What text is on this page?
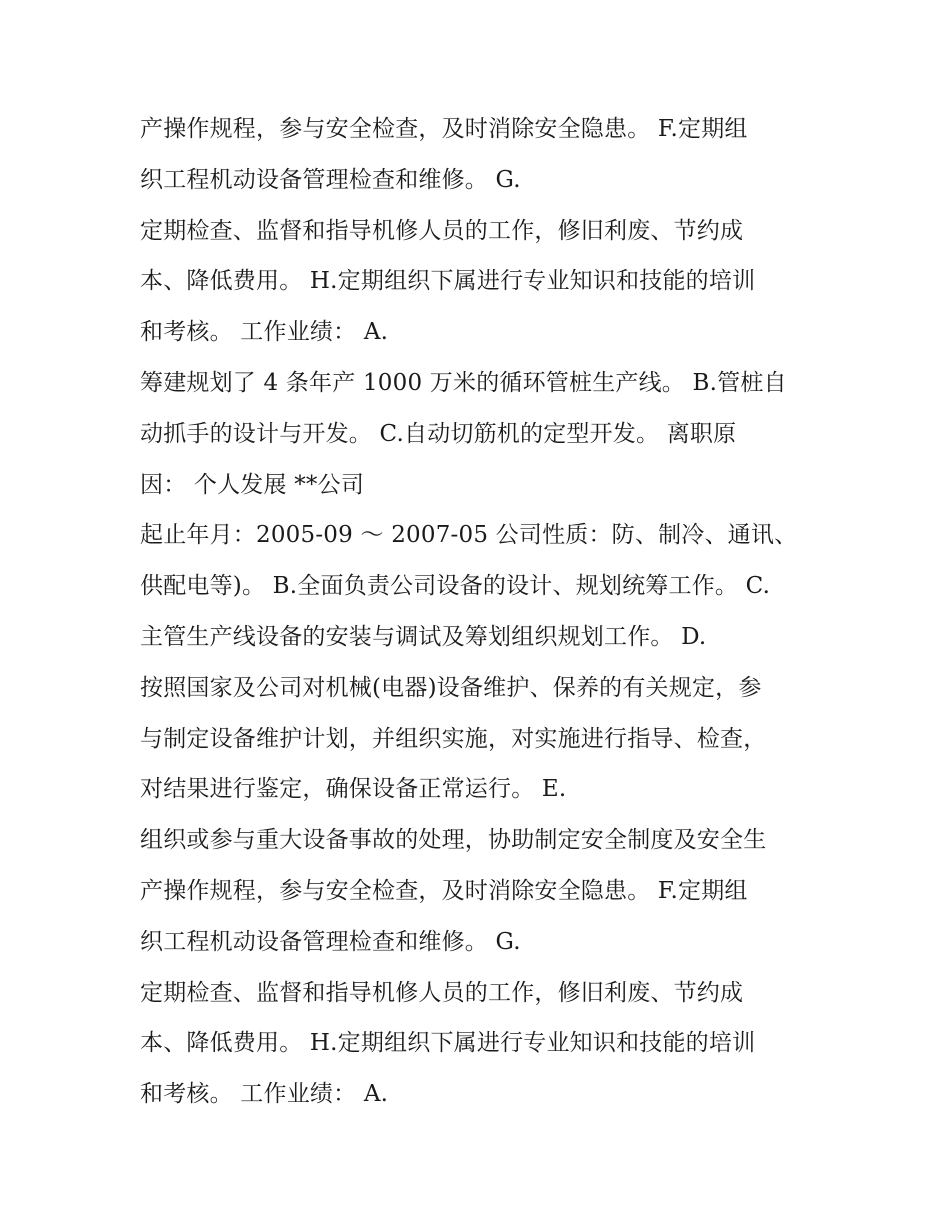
产操作规程，参与安全检查，及时消除安全隐患。 F.定期组
织工程机动设备管理检查和维修。 G.
定期检查、监督和指导机修人员的工作，修旧利废、节约成
本、降低费用。 H.定期组织下属进行专业知识和技能的培训
和考核。 工作业绩： A.
筹建规划了 4 条年产 1000 万米的循环管桩生产线。 B.管桩自
动抓手的设计与开发。 C.自动切筋机的定型开发。 离职原
因： 个人发展 **公司
起止年月：2005-09 ～ 2007-05 公司性质：防、制冷、通讯、
供配电等)。 B.全面负责公司设备的设计、规划统筹工作。 C.
主管生产线设备的安装与调试及筹划组织规划工作。 D.
按照国家及公司对机械(电器)设备维护、保养的有关规定，参
与制定设备维护计划，并组织实施，对实施进行指导、检查，
对结果进行鉴定，确保设备正常运行。 E.
组织或参与重大设备事故的处理，协助制定安全制度及安全生
产操作规程，参与安全检查，及时消除安全隐患。 F.定期组
织工程机动设备管理检查和维修。 G.
定期检查、监督和指导机修人员的工作，修旧利废、节约成
本、降低费用。 H.定期组织下属进行专业知识和技能的培训
和考核。 工作业绩： A.
